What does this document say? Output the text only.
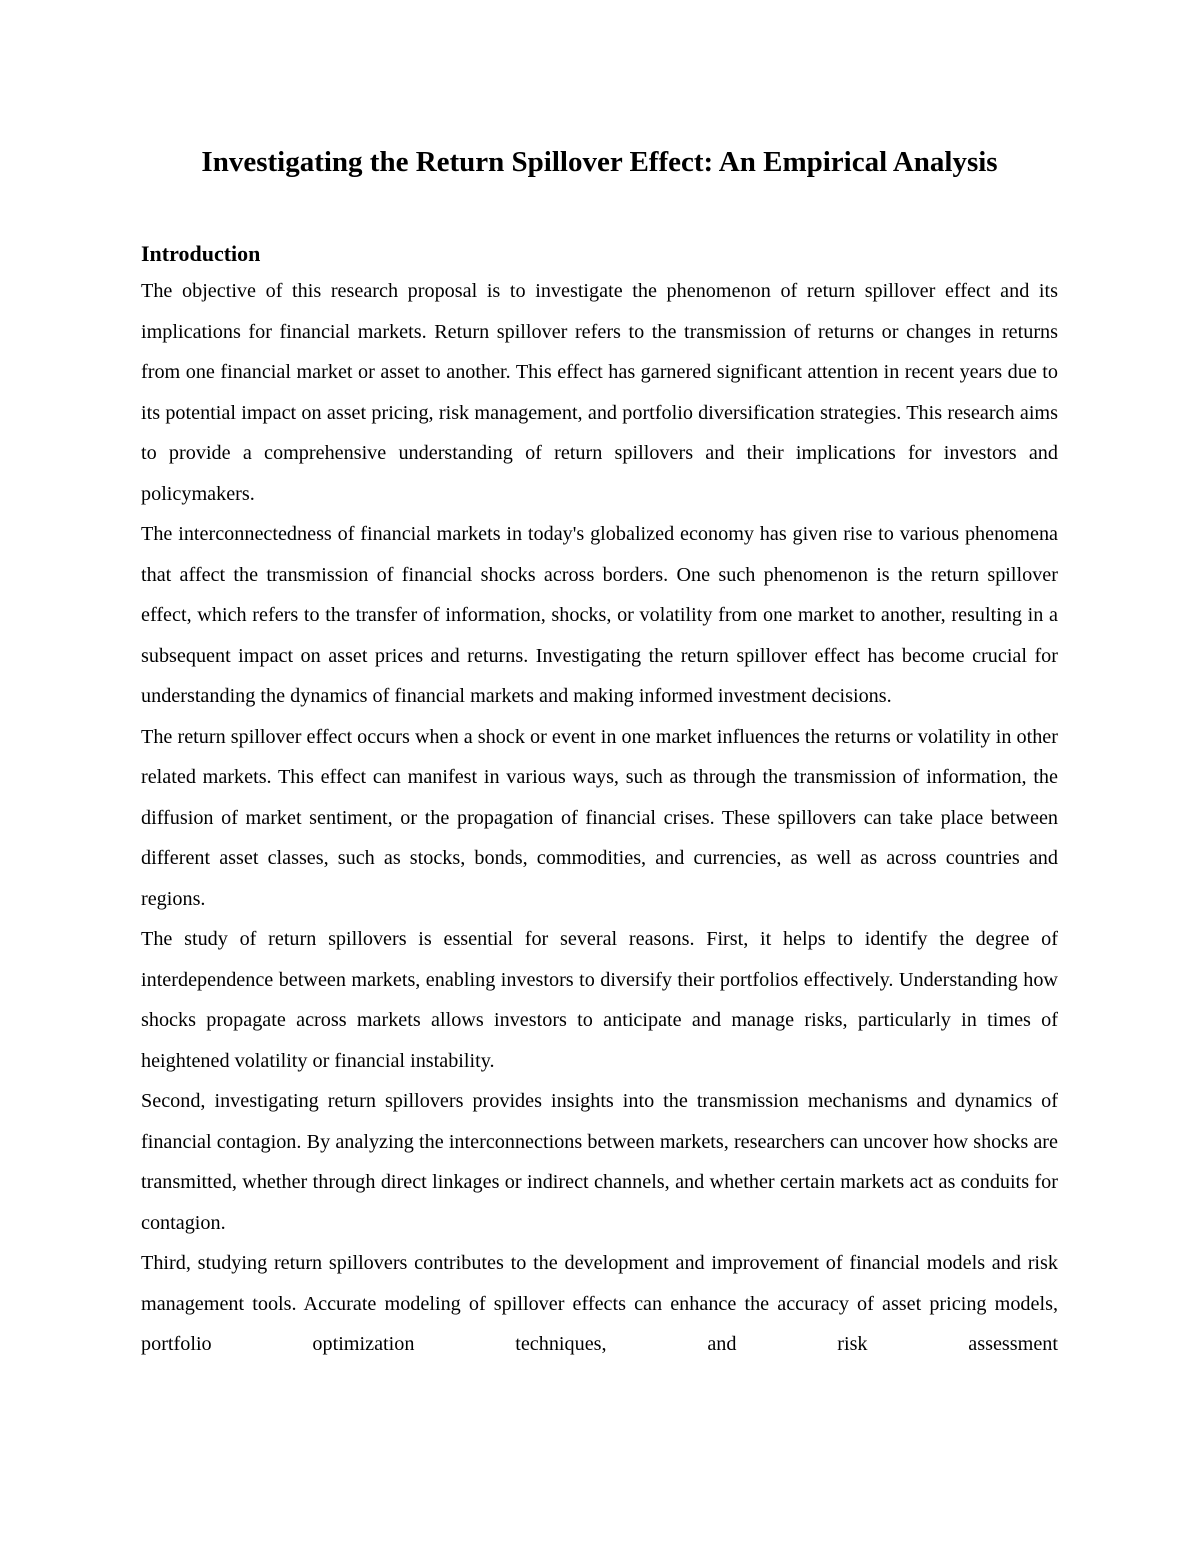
Investigating the Return Spillover Effect: An Empirical Analysis
Introduction

The objective of this research proposal is to investigate the phenomenon of return spillover effect and its implications for financial markets. Return spillover refers to the transmission of returns or changes in returns from one financial market or asset to another. This effect has garnered significant attention in recent years due to its potential impact on asset pricing, risk management, and portfolio diversification strategies. This research aims to provide a comprehensive understanding of return spillovers and their implications for investors and policymakers.

The interconnectedness of financial markets in today's globalized economy has given rise to various phenomena that affect the transmission of financial shocks across borders. One such phenomenon is the return spillover effect, which refers to the transfer of information, shocks, or volatility from one market to another, resulting in a subsequent impact on asset prices and returns. Investigating the return spillover effect has become crucial for understanding the dynamics of financial markets and making informed investment decisions.

The return spillover effect occurs when a shock or event in one market influences the returns or volatility in other related markets. This effect can manifest in various ways, such as through the transmission of information, the diffusion of market sentiment, or the propagation of financial crises. These spillovers can take place between different asset classes, such as stocks, bonds, commodities, and currencies, as well as across countries and regions.

The study of return spillovers is essential for several reasons. First, it helps to identify the degree of interdependence between markets, enabling investors to diversify their portfolios effectively. Understanding how shocks propagate across markets allows investors to anticipate and manage risks, particularly in times of heightened volatility or financial instability.

Second, investigating return spillovers provides insights into the transmission mechanisms and dynamics of financial contagion. By analyzing the interconnections between markets, researchers can uncover how shocks are transmitted, whether through direct linkages or indirect channels, and whether certain markets act as conduits for contagion.

Third, studying return spillovers contributes to the development and improvement of financial models and risk management tools. Accurate modeling of spillover effects can enhance the accuracy of asset pricing models, portfolio optimization techniques, and risk assessment
